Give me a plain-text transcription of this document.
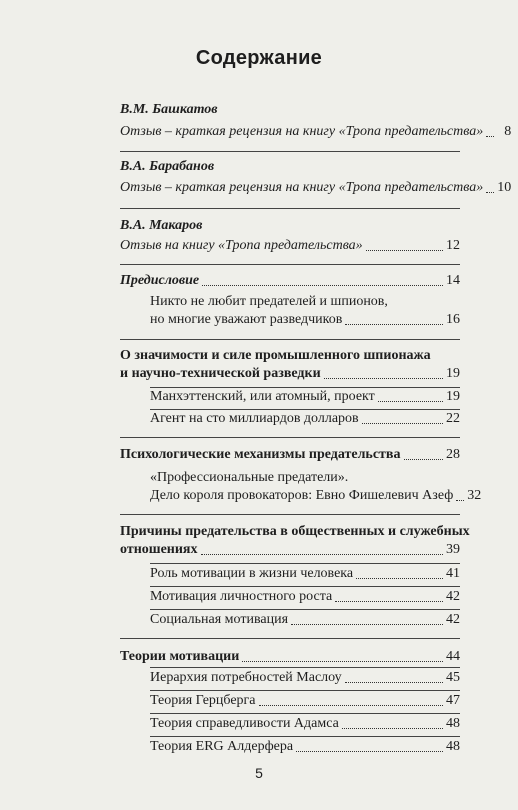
Содержание
В.М. Башкатов
Отзыв – краткая рецензия на книгу «Тропа предательства»	8
В.А. Барабанов
Отзыв – краткая рецензия на книгу «Тропа предательства» 10
В.А. Макаров
Отзыв на книгу «Тропа предательства»	12
Предисловие	14
Никто не любит предателей и шпионов,
но многие уважают разведчиков	16
О значимости и силе промышленного шпионажа
и научно-технической разведки	19
Манхэттенский, или атомный, проект	19
Агент на сто миллиардов долларов	22
Психологические механизмы предательства	28
«Профессиональные предатели».
Дело короля провокаторов: Евно Фишелевич Азеф 32
Причины предательства в общественных и служебных
отношениях	39
Роль мотивации в жизни человека	41
Мотивация личностного роста	42
Социальная мотивация	42
Теории мотивации	44
Иерархия потребностей Маслоу	45
Теория Герцберга	47
Теория справедливости Адамса	48
Теория ERG Алдерфера	48
5
